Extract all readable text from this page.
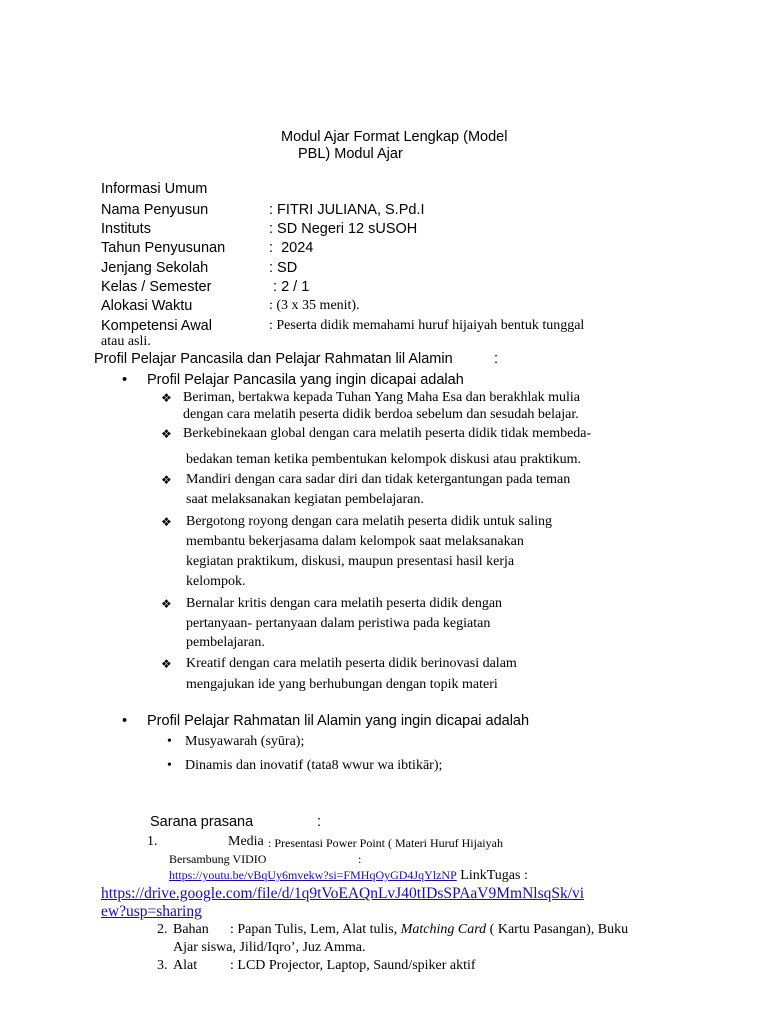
Modul Ajar Format Lengkap (Model
PBL) Modul Ajar
Informasi Umum
Nama Penyusun	: FITRI JULIANA, S.Pd.I
Instituts	: SD Negeri 12 sUSOH
Tahun Penyusunan	:  2024
Jenjang Sekolah	: SD
Kelas / Semester	: 2 / 1
Alokasi Waktu	: (3 x 35 menit).
Kompetensi Awal	: Peserta didik memahami huruf hijaiyah bentuk tunggal
atau asli.
Profil Pelajar Pancasila dan Pelajar Rahmatan lil Alamin	:
• Profil Pelajar Pancasila yang ingin dicapai adalah
❖ Beriman, bertakwa kepada Tuhan Yang Maha Esa dan berakhlak mulia
dengan cara melatih peserta didik berdoa sebelum dan sesudah belajar.
❖ Berkebinekaan global dengan cara melatih peserta didik tidak membeda-
bedakan teman ketika pembentukan kelompok diskusi atau praktikum.
❖ Mandiri dengan cara sadar diri dan tidak ketergantungan pada teman
saat melaksanakan kegiatan pembelajaran.
❖ Bergotong royong dengan cara melatih peserta didik untuk saling
membantu bekerjasama dalam kelompok saat melaksanakan
kegiatan praktikum, diskusi, maupun presentasi hasil kerja
kelompok.
❖ Bernalar kritis dengan cara melatih peserta didik dengan
pertanyaan- pertanyaan dalam peristiwa pada kegiatan
pembelajaran.
❖ Kreatif dengan cara melatih peserta didik berinovasi dalam
mengajukan ide yang berhubungan dengan topik materi
• Profil Pelajar Rahmatan lil Alamin yang ingin dicapai adalah
• Musyawarah (syūra);
• Dinamis dan inovatif (tata8 wwur wa ibtikār);
Sarana prasana	:
1.	Media : Presentasi Power Point ( Materi Huruf Hijaiyah
Bersambung VIDIO	:
https://youtu.be/vBqUy6mvekw?si=FMHqOyGD4JqYlzNP LinkTugas :
https://drive.google.com/file/d/1q9tVoEAQnLvJ40tIDsSPAaV9MmNlsqSk/vi
ew?usp=sharing
2. Bahan : Papan Tulis, Lem, Alat tulis, Matching Card ( Kartu Pasangan), Buku
Ajar siswa, Jilid/Iqro’, Juz Amma.
3. Alat : LCD Projector, Laptop, Saund/spiker aktif
